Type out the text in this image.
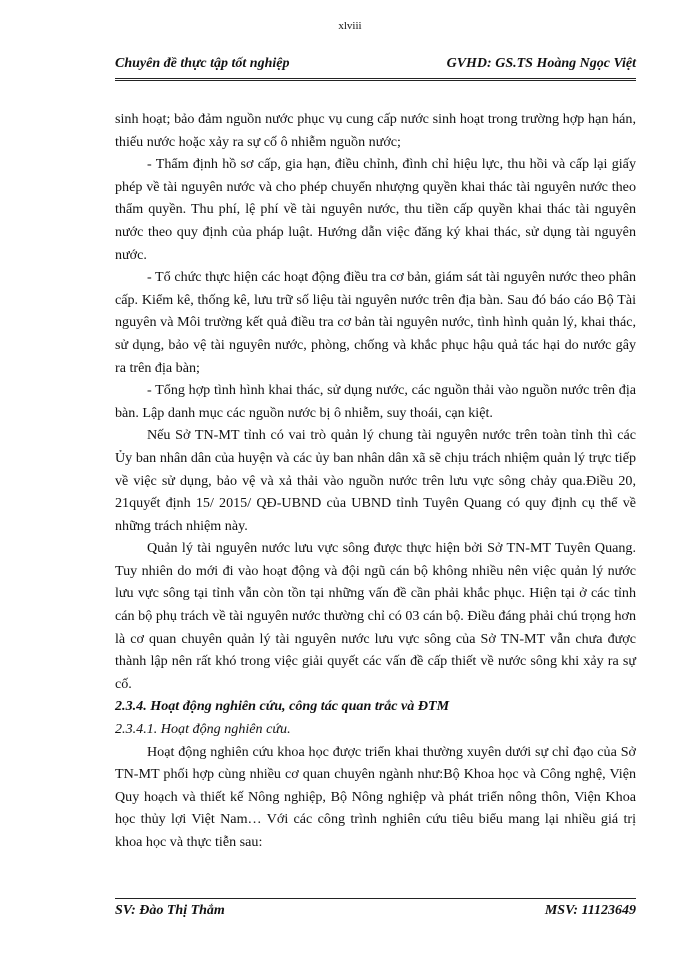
xlviii
Chuyên đề thực tập tốt nghiệp	GVHD: GS.TS Hoàng Ngọc Việt

sinh hoạt; bảo đảm nguồn nước phục vụ cung cấp nước sinh hoạt trong trường hợp hạn hán, thiếu nước hoặc xảy ra sự cố ô nhiễm nguồn nước;

- Thẩm định hồ sơ cấp, gia hạn, điều chỉnh, đình chỉ hiệu lực, thu hồi và cấp lại giấy phép về tài nguyên nước và cho phép chuyển nhượng quyền khai thác tài nguyên nước theo thẩm quyền. Thu phí, lệ phí về tài nguyên nước, thu tiền cấp quyền khai thác tài nguyên nước theo quy định của pháp luật. Hướng dẫn việc đăng ký khai thác, sử dụng tài nguyên nước.

- Tổ chức thực hiện các hoạt động điều tra cơ bản, giám sát tài nguyên nước theo phân cấp. Kiểm kê, thống kê, lưu trữ số liệu tài nguyên nước trên địa bàn. Sau đó báo cáo Bộ Tài nguyên và Môi trường kết quả điều tra cơ bản tài nguyên nước, tình hình quản lý, khai thác, sử dụng, bảo vệ tài nguyên nước, phòng, chống và khắc phục hậu quả tác hại do nước gây ra trên địa bàn;

- Tổng hợp tình hình khai thác, sử dụng nước, các nguồn thải vào nguồn nước trên địa bàn. Lập danh mục các nguồn nước bị ô nhiễm, suy thoái, cạn kiệt.

Nếu Sở TN-MT tỉnh có vai trò quản lý chung tài nguyên nước trên toàn tỉnh thì các Ủy ban nhân dân của huyện và các ủy ban nhân dân xã sẽ chịu trách nhiệm quản lý trực tiếp về việc sử dụng, bảo vệ và xả thải vào nguồn nước trên lưu vực sông chảy qua.Điều 20, 21quyết định 15/ 2015/ QĐ-UBND của UBND tỉnh Tuyên Quang có quy định cụ thể về những trách nhiệm này.

Quản lý tài nguyên nước lưu vực sông được thực hiện bởi Sở TN-MT Tuyên Quang. Tuy nhiên do mới đi vào hoạt động và đội ngũ cán bộ không nhiều nên việc quản lý nước lưu vực sông tại tỉnh vẫn còn tồn tại những vấn đề cần phải khắc phục. Hiện tại ở các tỉnh cán bộ phụ trách về tài nguyên nước thường chỉ có 03 cán bộ. Điều đáng phải chú trọng hơn là cơ quan chuyên quản lý tài nguyên nước lưu vực sông của Sở TN-MT vẫn chưa được thành lập nên rất khó trong việc giải quyết các vấn đề cấp thiết về nước sông khi xảy ra sự cố.

2.3.4. Hoạt động nghiên cứu, công tác quan trắc và ĐTM

2.3.4.1. Hoạt động nghiên cứu.

Hoạt động nghiên cứu khoa học được triển khai thường xuyên dưới sự chỉ đạo của Sở TN-MT phối hợp cùng nhiều cơ quan chuyên ngành như:Bộ Khoa học và Công nghệ, Viện Quy hoạch và thiết kế Nông nghiệp, Bộ Nông nghiệp và phát triển nông thôn, Viện Khoa học thủy lợi Việt Nam… Với các công trình nghiên cứu tiêu biểu mang lại nhiều giá trị khoa học và thực tiễn sau:

SV: Đào Thị Thắm	MSV: 11123649
